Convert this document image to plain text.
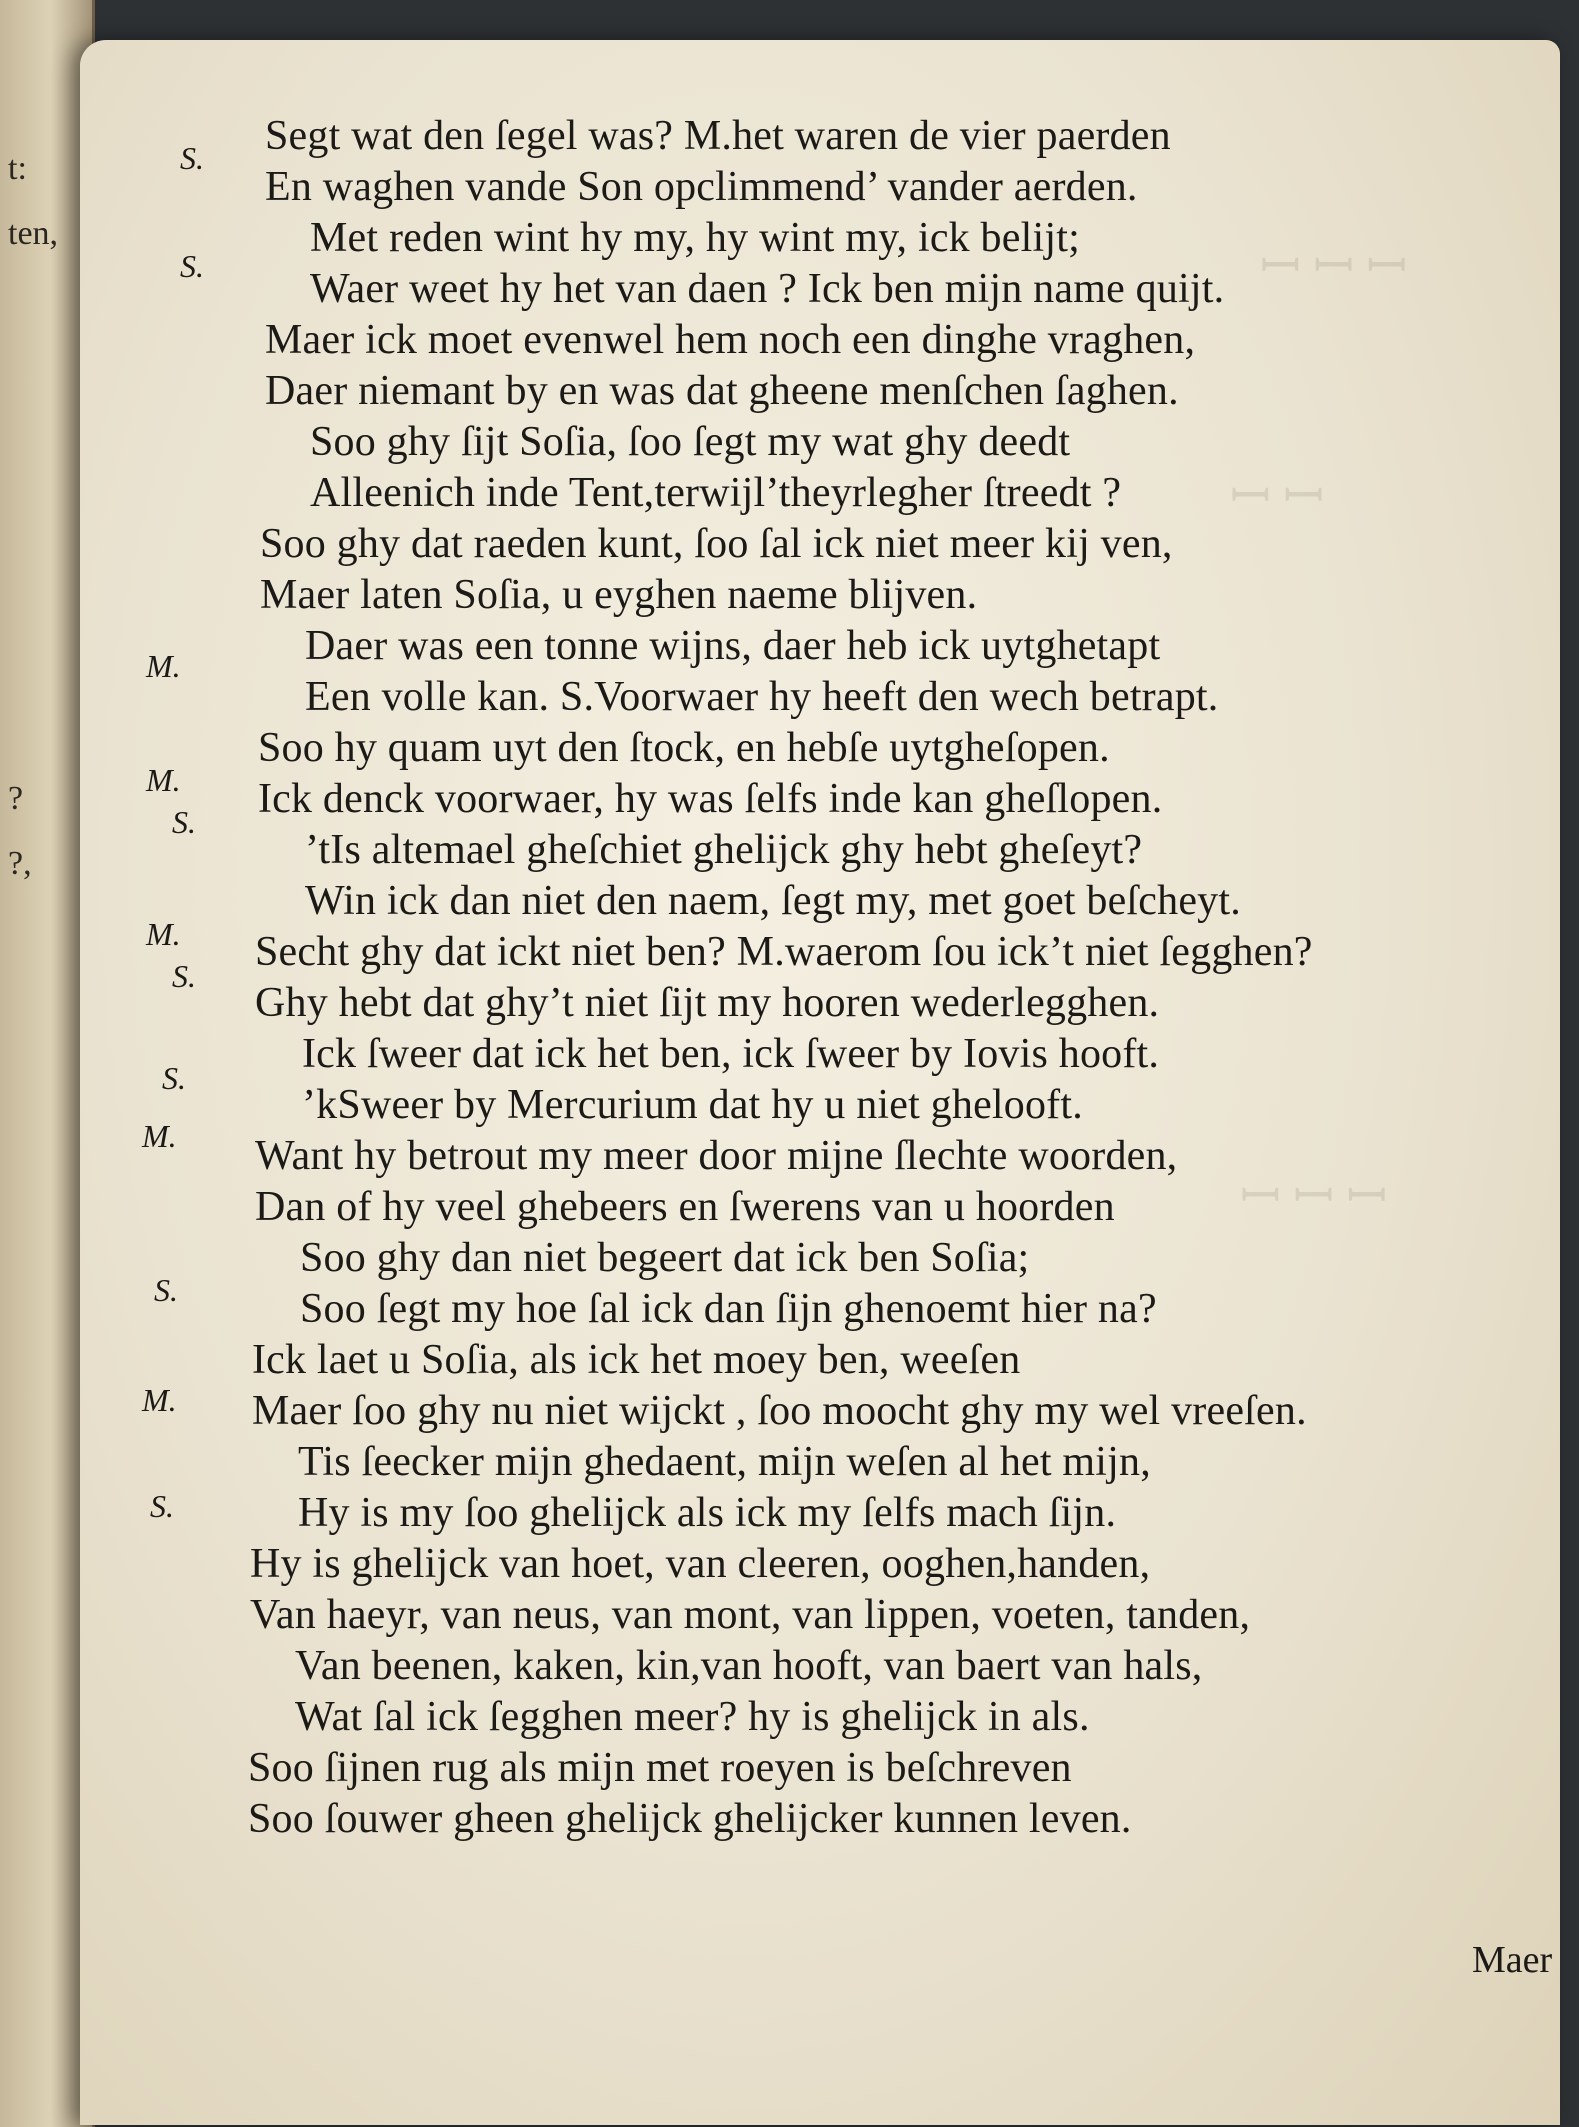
t:
ten,
?
?,
ꟷ ꟷ ꟷ
ꟷ ꟷ
ꟷ ꟷ ꟷ
S.
S.
M.
M.
S.
M.
S.
S.
M.
S.
M.
S.
Segt wat den ſegel was? M.het waren de vier paerden
En waghen vande Son opclimmend’ vander aerden.
Met reden wint hy my, hy wint my, ick belijt;
Waer weet hy het van daen ? Ick ben mijn name quijt.
Maer ick moet evenwel hem noch een dinghe vraghen,
Daer niemant by en was dat gheene menſchen ſaghen.
Soo ghy ſijt Soſia, ſoo ſegt my wat ghy deedt
Alleenich inde Tent,terwijl’theyrlegher ſtreedt ?
Soo ghy dat raeden kunt, ſoo ſal ick niet meer kij ven,
Maer laten Soſia, u eyghen naeme blijven.
Daer was een tonne wijns, daer heb ick uytghetapt
Een volle kan. S.Voorwaer hy heeft den wech betrapt.
Soo hy quam uyt den ſtock, en hebſe uytgheſopen.
Ick denck voorwaer, hy was ſelfs inde kan gheſlopen.
’tIs altemael gheſchiet ghelijck ghy hebt gheſeyt?
Win ick dan niet den naem, ſegt my, met goet beſcheyt.
Secht ghy dat ickt niet ben? M.waerom ſou ick’t niet ſegghen?
Ghy hebt dat ghy’t niet ſijt my hooren wederlegghen.
Ick ſweer dat ick het ben, ick ſweer by Iovis hooft.
’kSweer by Mercurium dat hy u niet ghelooft.
Want hy betrout my meer door mijne ſlechte woorden,
Dan of hy veel ghebeers en ſwerens van u hoorden
Soo ghy dan niet begeert dat ick ben Soſia;
Soo ſegt my hoe ſal ick dan ſijn ghenoemt hier na?
Ick laet u Soſia, als ick het moey ben, weeſen
Maer ſoo ghy nu niet wijckt , ſoo moocht ghy my wel vreeſen.
Tis ſeecker mijn ghedaent, mijn weſen al het mijn,
Hy is my ſoo ghelijck als ick my ſelfs mach ſijn.
Hy is ghelijck van hoet, van cleeren, ooghen,handen,
Van haeyr, van neus, van mont, van lippen, voeten, tanden,
Van beenen, kaken, kin,van hooft, van baert van hals,
Wat ſal ick ſegghen meer? hy is ghelijck in als.
Soo ſijnen rug als mijn met roeyen is beſchreven
Soo ſouwer gheen ghelijck ghelijcker kunnen leven.
Maer
